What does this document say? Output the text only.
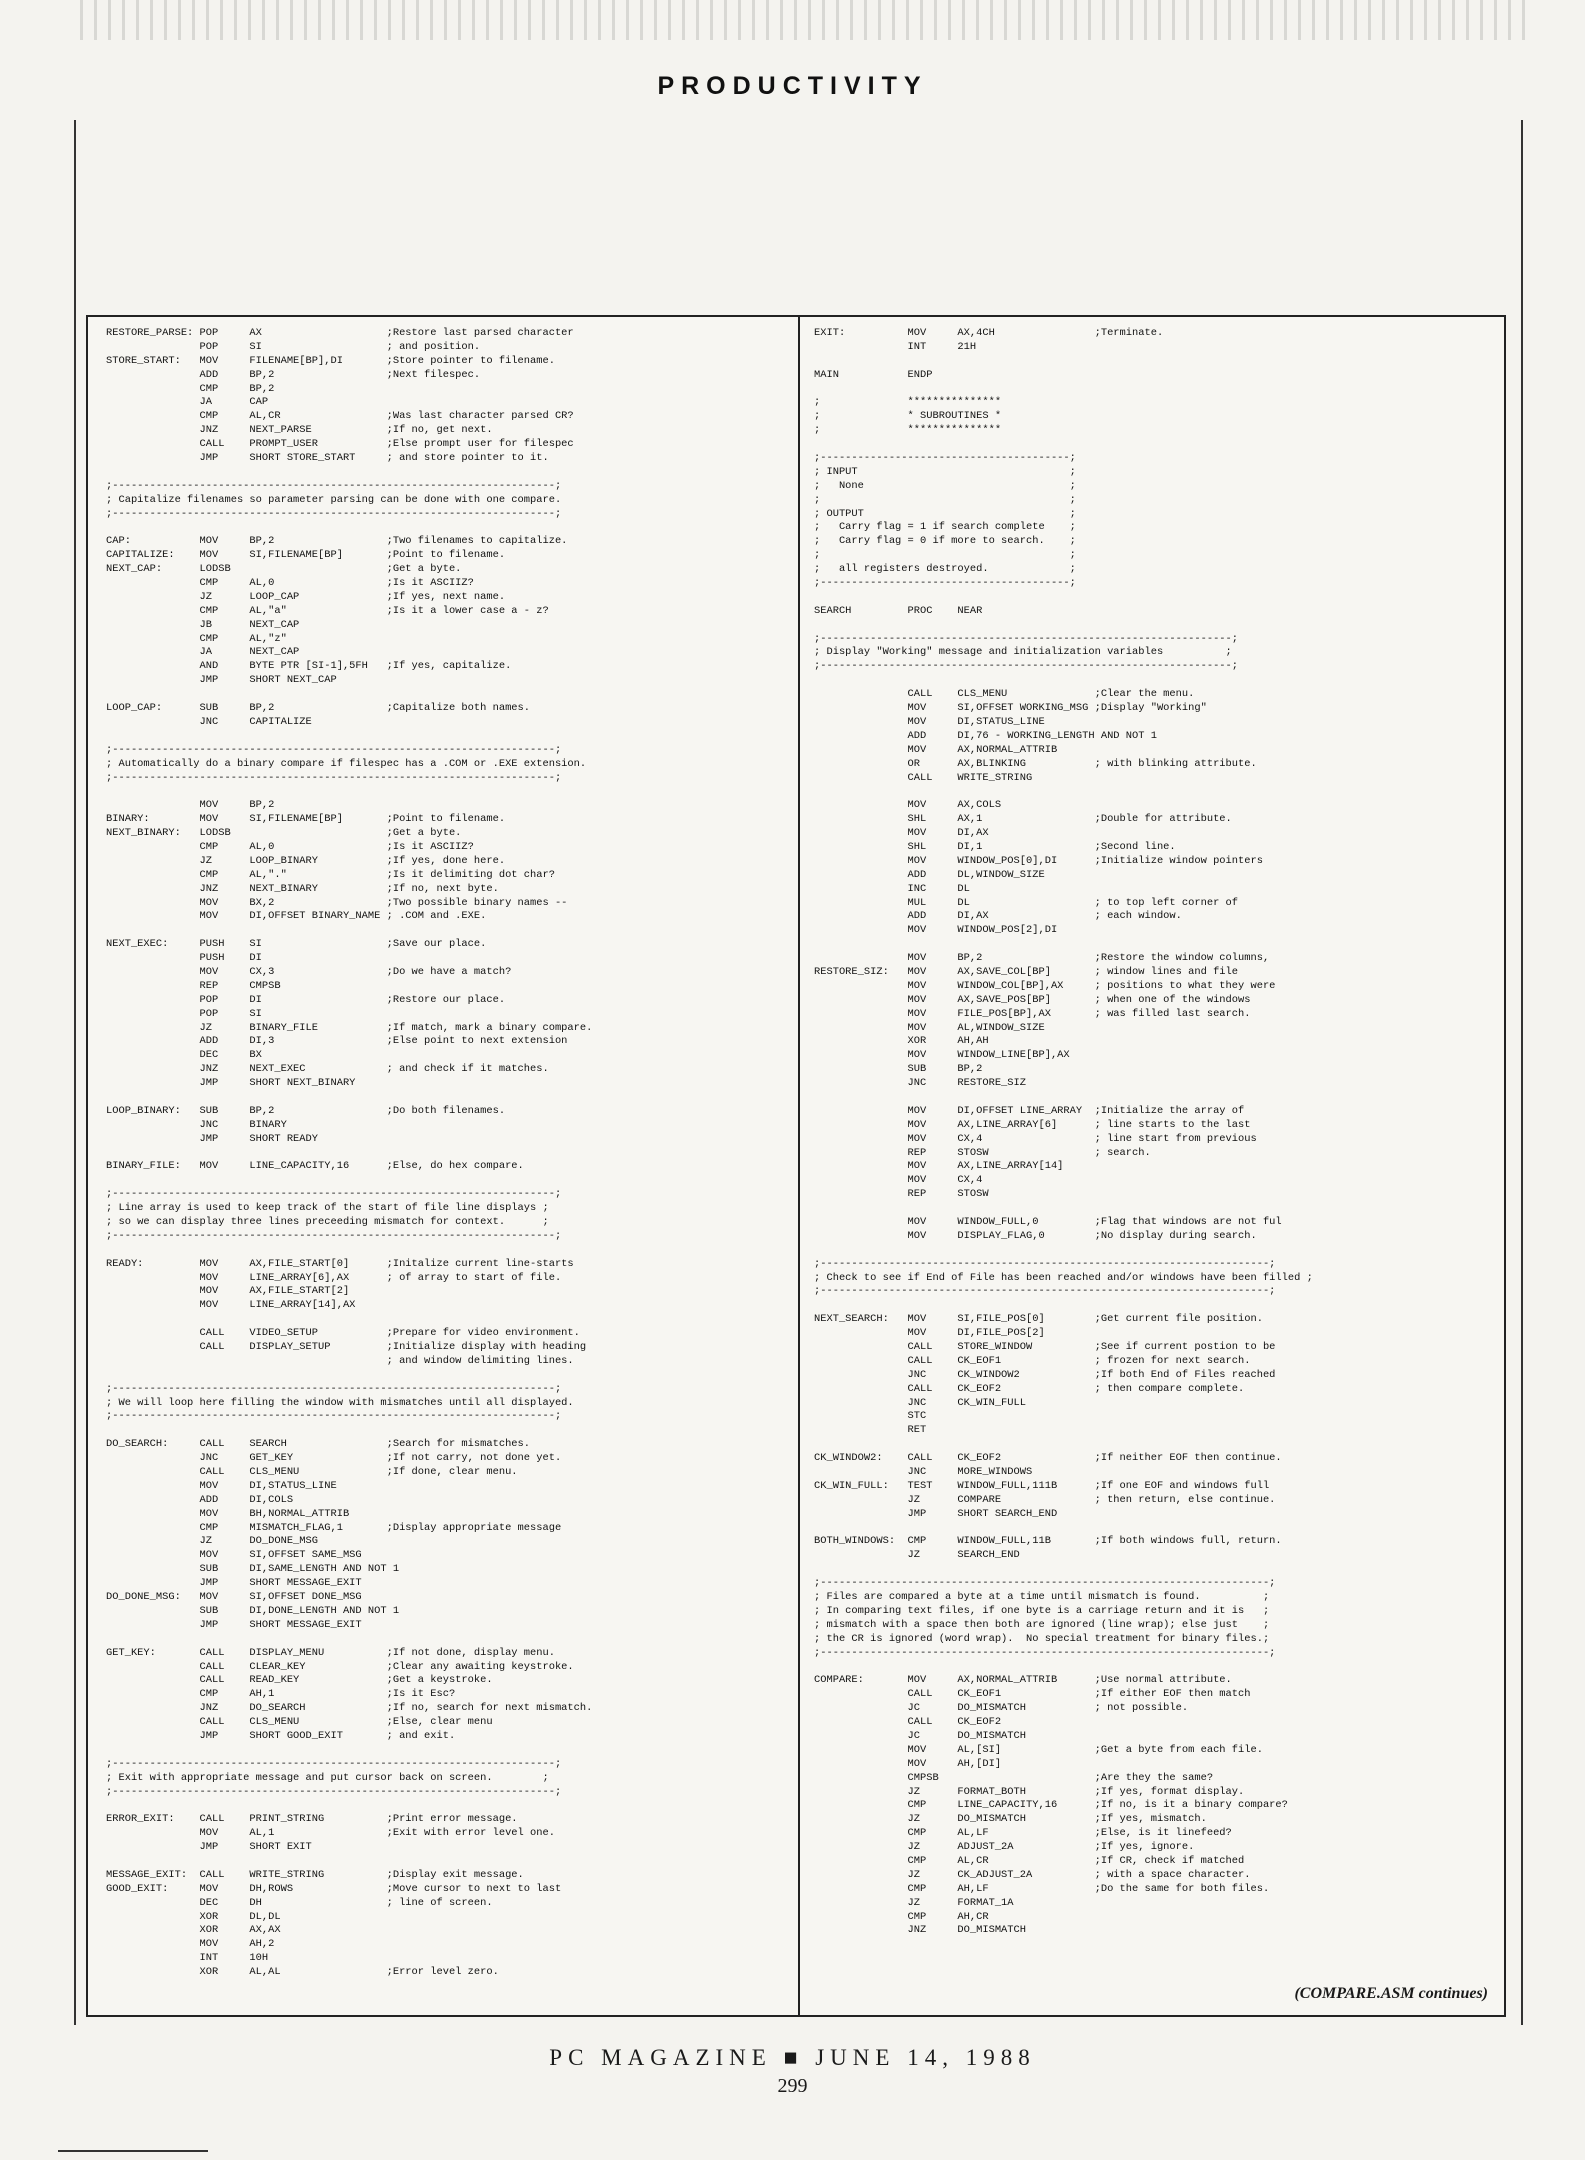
PRODUCTIVITY
RESTORE_PARSE: POP     AX                    ;Restore last parsed character
POP     SI                    ; and position.
STORE_START:   MOV     FILENAME[BP],DI       ;Store pointer to filename.
ADD     BP,2                  ;Next filespec.
CMP     BP,2
JA      CAP
CMP     AL,CR                 ;Was last character parsed CR?
JNZ     NEXT_PARSE            ;If no, get next.
CALL    PROMPT_USER           ;Else prompt user for filespec
JMP     SHORT STORE_START     ; and store pointer to it.
;-----------------------------------------------------------------------;
; Capitalize filenames so parameter parsing can be done with one compare.
;-----------------------------------------------------------------------;
CAP:           MOV     BP,2                  ;Two filenames to capitalize.
CAPITALIZE:    MOV     SI,FILENAME[BP]       ;Point to filename.
NEXT_CAP:      LODSB                         ;Get a byte.
CMP     AL,0                  ;Is it ASCIIZ?
JZ      LOOP_CAP              ;If yes, next name.
CMP     AL,"a"                ;Is it a lower case a - z?
JB      NEXT_CAP
CMP     AL,"z"
JA      NEXT_CAP
AND     BYTE PTR [SI-1],5FH   ;If yes, capitalize.
JMP     SHORT NEXT_CAP
LOOP_CAP:      SUB     BP,2                  ;Capitalize both names.
JNC     CAPITALIZE
;-----------------------------------------------------------------------;
; Automatically do a binary compare if filespec has a .COM or .EXE extension.
;-----------------------------------------------------------------------;
MOV     BP,2
BINARY:        MOV     SI,FILENAME[BP]       ;Point to filename.
NEXT_BINARY:   LODSB                         ;Get a byte.
CMP     AL,0                  ;Is it ASCIIZ?
JZ      LOOP_BINARY           ;If yes, done here.
CMP     AL,"."                ;Is it delimiting dot char?
JNZ     NEXT_BINARY           ;If no, next byte.
MOV     BX,2                  ;Two possible binary names --
MOV     DI,OFFSET BINARY_NAME ; .COM and .EXE.
NEXT_EXEC:     PUSH    SI                    ;Save our place.
PUSH    DI
MOV     CX,3                  ;Do we have a match?
REP     CMPSB
POP     DI                    ;Restore our place.
POP     SI
JZ      BINARY_FILE           ;If match, mark a binary compare.
ADD     DI,3                  ;Else point to next extension
DEC     BX
JNZ     NEXT_EXEC             ; and check if it matches.
JMP     SHORT NEXT_BINARY
LOOP_BINARY:   SUB     BP,2                  ;Do both filenames.
JNC     BINARY
JMP     SHORT READY
BINARY_FILE:   MOV     LINE_CAPACITY,16      ;Else, do hex compare.
;-----------------------------------------------------------------------;
; Line array is used to keep track of the start of file line displays ;
; so we can display three lines preceeding mismatch for context.      ;
;-----------------------------------------------------------------------;
READY:         MOV     AX,FILE_START[0]      ;Initalize current line-starts
MOV     LINE_ARRAY[6],AX      ; of array to start of file.
MOV     AX,FILE_START[2]
MOV     LINE_ARRAY[14],AX
CALL    VIDEO_SETUP           ;Prepare for video environment.
CALL    DISPLAY_SETUP         ;Initialize display with heading
; and window delimiting lines.
;-----------------------------------------------------------------------;
; We will loop here filling the window with mismatches until all displayed.
;-----------------------------------------------------------------------;
DO_SEARCH:     CALL    SEARCH                ;Search for mismatches.
JNC     GET_KEY               ;If not carry, not done yet.
CALL    CLS_MENU              ;If done, clear menu.
MOV     DI,STATUS_LINE
ADD     DI,COLS
MOV     BH,NORMAL_ATTRIB
CMP     MISMATCH_FLAG,1       ;Display appropriate message
JZ      DO_DONE_MSG
MOV     SI,OFFSET SAME_MSG
SUB     DI,SAME_LENGTH AND NOT 1
JMP     SHORT MESSAGE_EXIT
DO_DONE_MSG:   MOV     SI,OFFSET DONE_MSG
SUB     DI,DONE_LENGTH AND NOT 1
JMP     SHORT MESSAGE_EXIT
GET_KEY:       CALL    DISPLAY_MENU          ;If not done, display menu.
CALL    CLEAR_KEY             ;Clear any awaiting keystroke.
CALL    READ_KEY              ;Get a keystroke.
CMP     AH,1                  ;Is it Esc?
JNZ     DO_SEARCH             ;If no, search for next mismatch.
CALL    CLS_MENU              ;Else, clear menu
JMP     SHORT GOOD_EXIT       ; and exit.
;-----------------------------------------------------------------------;
; Exit with appropriate message and put cursor back on screen.        ;
;-----------------------------------------------------------------------;
ERROR_EXIT:    CALL    PRINT_STRING          ;Print error message.
MOV     AL,1                  ;Exit with error level one.
JMP     SHORT EXIT
MESSAGE_EXIT:  CALL    WRITE_STRING          ;Display exit message.
GOOD_EXIT:     MOV     DH,ROWS               ;Move cursor to next to last
DEC     DH                    ; line of screen.
XOR     DL,DL
XOR     AX,AX
MOV     AH,2
INT     10H
XOR     AL,AL                 ;Error level zero.
EXIT:          MOV     AX,4CH                ;Terminate.
INT     21H
MAIN           ENDP
;              ***************
;              * SUBROUTINES *
;              ***************
;----------------------------------------;
; INPUT                                  ;
;   None                                 ;
;                                        ;
; OUTPUT                                 ;
;   Carry flag = 1 if search complete    ;
;   Carry flag = 0 if more to search.    ;
;                                        ;
;   all registers destroyed.             ;
;----------------------------------------;
SEARCH         PROC    NEAR
;------------------------------------------------------------------;
; Display "Working" message and initialization variables          ;
;------------------------------------------------------------------;
CALL    CLS_MENU              ;Clear the menu.
MOV     SI,OFFSET WORKING_MSG ;Display "Working"
MOV     DI,STATUS_LINE
ADD     DI,76 - WORKING_LENGTH AND NOT 1
MOV     AX,NORMAL_ATTRIB
OR      AX,BLINKING           ; with blinking attribute.
CALL    WRITE_STRING
MOV     AX,COLS
SHL     AX,1                  ;Double for attribute.
MOV     DI,AX
SHL     DI,1                  ;Second line.
MOV     WINDOW_POS[0],DI      ;Initialize window pointers
ADD     DL,WINDOW_SIZE
INC     DL
MUL     DL                    ; to top left corner of
ADD     DI,AX                 ; each window.
MOV     WINDOW_POS[2],DI
MOV     BP,2                  ;Restore the window columns,
RESTORE_SIZ:   MOV     AX,SAVE_COL[BP]       ; window lines and file
MOV     WINDOW_COL[BP],AX     ; positions to what they were
MOV     AX,SAVE_POS[BP]       ; when one of the windows
MOV     FILE_POS[BP],AX       ; was filled last search.
MOV     AL,WINDOW_SIZE
XOR     AH,AH
MOV     WINDOW_LINE[BP],AX
SUB     BP,2
JNC     RESTORE_SIZ
MOV     DI,OFFSET LINE_ARRAY  ;Initialize the array of
MOV     AX,LINE_ARRAY[6]      ; line starts to the last
MOV     CX,4                  ; line start from previous
REP     STOSW                 ; search.
MOV     AX,LINE_ARRAY[14]
MOV     CX,4
REP     STOSW
MOV     WINDOW_FULL,0         ;Flag that windows are not ful
MOV     DISPLAY_FLAG,0        ;No display during search.
;------------------------------------------------------------------------;
; Check to see if End of File has been reached and/or windows have been filled ;
;------------------------------------------------------------------------;
NEXT_SEARCH:   MOV     SI,FILE_POS[0]        ;Get current file position.
MOV     DI,FILE_POS[2]
CALL    STORE_WINDOW          ;See if current postion to be
CALL    CK_EOF1               ; frozen for next search.
JNC     CK_WINDOW2            ;If both End of Files reached
CALL    CK_EOF2               ; then compare complete.
JNC     CK_WIN_FULL
STC
RET
CK_WINDOW2:    CALL    CK_EOF2               ;If neither EOF then continue.
JNC     MORE_WINDOWS
CK_WIN_FULL:   TEST    WINDOW_FULL,111B      ;If one EOF and windows full
JZ      COMPARE               ; then return, else continue.
JMP     SHORT SEARCH_END
BOTH_WINDOWS:  CMP     WINDOW_FULL,11B       ;If both windows full, return.
JZ      SEARCH_END
;------------------------------------------------------------------------;
; Files are compared a byte at a time until mismatch is found.          ;
; In comparing text files, if one byte is a carriage return and it is   ;
; mismatch with a space then both are ignored (line wrap); else just    ;
; the CR is ignored (word wrap).  No special treatment for binary files.;
;------------------------------------------------------------------------;
COMPARE:       MOV     AX,NORMAL_ATTRIB      ;Use normal attribute.
CALL    CK_EOF1               ;If either EOF then match
JC      DO_MISMATCH           ; not possible.
CALL    CK_EOF2
JC      DO_MISMATCH
MOV     AL,[SI]               ;Get a byte from each file.
MOV     AH,[DI]
CMPSB                         ;Are they the same?
JZ      FORMAT_BOTH           ;If yes, format display.
CMP     LINE_CAPACITY,16      ;If no, is it a binary compare?
JZ      DO_MISMATCH           ;If yes, mismatch.
CMP     AL,LF                 ;Else, is it linefeed?
JZ      ADJUST_2A             ;If yes, ignore.
CMP     AL,CR                 ;If CR, check if matched
JZ      CK_ADJUST_2A          ; with a space character.
CMP     AH,LF                 ;Do the same for both files.
JZ      FORMAT_1A
CMP     AH,CR
JNZ     DO_MISMATCH
(COMPARE.ASM continues)
PC MAGAZINE ■ JUNE 14, 1988
299
